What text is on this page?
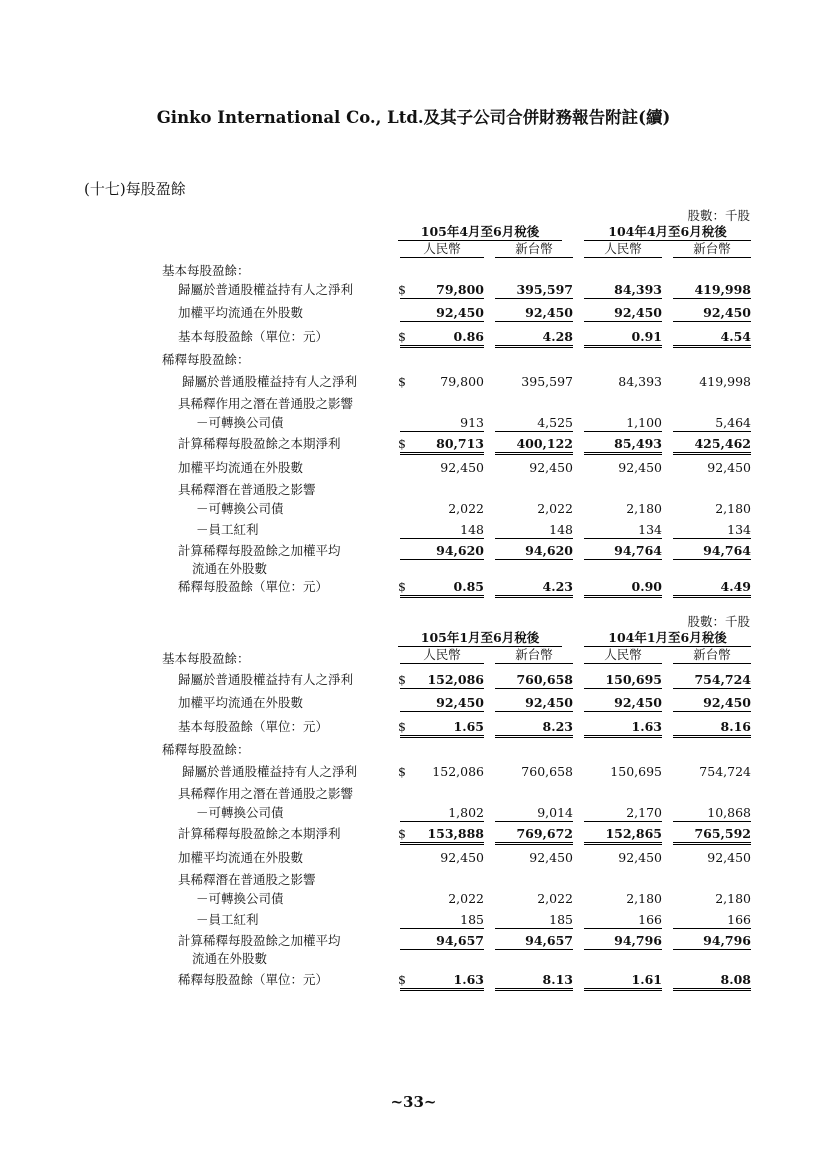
Ginko International Co., Ltd.及其子公司合併財務報告附註(續)
(十七)每股盈餘
股數：千股
105年4月至6月稅後	104年4月至6月稅後
人民幣	新台幣	人民幣	新台幣
基本每股盈餘：
歸屬於普通股權益持有人之淨利	$	79,800	395,597	84,393	419,998
加權平均流通在外股數	92,450	92,450	92,450	92,450
基本每股盈餘（單位：元）	$	0.86	4.28	0.91	4.54
稀釋每股盈餘：
歸屬於普通股權益持有人之淨利	$	79,800	395,597	84,393	419,998
具稀釋作用之潛在普通股之影響
－可轉換公司債	913	4,525	1,100	5,464
計算稀釋每股盈餘之本期淨利	$	80,713	400,122	85,493	425,462
加權平均流通在外股數	92,450	92,450	92,450	92,450
具稀釋潛在普通股之影響
－可轉換公司債	2,022	2,022	2,180	2,180
－員工紅利	148	148	134	134
計算稀釋每股盈餘之加權平均
流通在外股數
94,620	94,620	94,764	94,764
稀釋每股盈餘（單位：元）	$	0.85	4.23	0.90	4.49
股數：千股
105年1月至6月稅後	104年1月至6月稅後
人民幣	新台幣	人民幣	新台幣
基本每股盈餘：
歸屬於普通股權益持有人之淨利	$	152,086	760,658	150,695	754,724
加權平均流通在外股數	92,450	92,450	92,450	92,450
基本每股盈餘（單位：元）	$	1.65	8.23	1.63	8.16
稀釋每股盈餘：
歸屬於普通股權益持有人之淨利	$	152,086	760,658	150,695	754,724
具稀釋作用之潛在普通股之影響
－可轉換公司債	1,802	9,014	2,170	10,868
計算稀釋每股盈餘之本期淨利	$	153,888	769,672	152,865	765,592
加權平均流通在外股數	92,450	92,450	92,450	92,450
具稀釋潛在普通股之影響
－可轉換公司債	2,022	2,022	2,180	2,180
－員工紅利	185	185	166	166
計算稀釋每股盈餘之加權平均
流通在外股數
94,657	94,657	94,796	94,796
稀釋每股盈餘（單位：元）	$	1.63	8.13	1.61	8.08
~33~
